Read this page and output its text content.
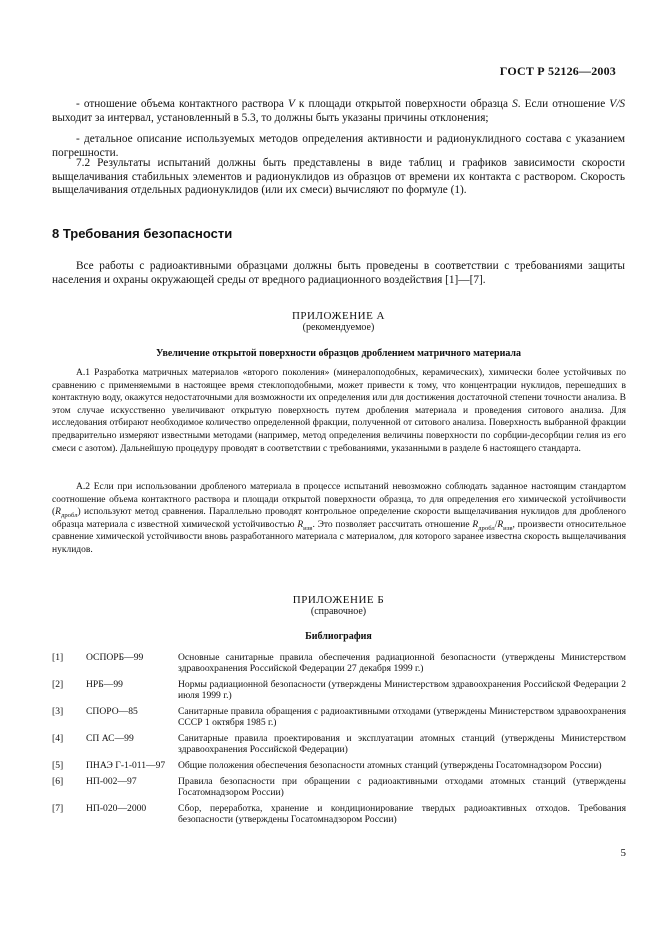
ГОСТ Р 52126—2003

- отношение объема контактного раствора V к площади открытой поверхности образца S. Если отношение V/S выходит за интервал, установленный в 5.3, то должны быть указаны причины отклонения;

- детальное описание используемых методов определения активности и радионуклидного состава с указанием погрешности.

7.2 Результаты испытаний должны быть представлены в виде таблиц и графиков зависимости скорости выщелачивания стабильных элементов и радионуклидов из образцов от времени их контакта с раствором. Скорость выщелачивания отдельных радионуклидов (или их смеси) вычисляют по формуле (1).

8 Требования безопасности

Все работы с радиоактивными образцами должны быть проведены в соответствии с требованиями защиты населения и охраны окружающей среды от вредного радиационного воздействия [1]—[7].

ПРИЛОЖЕНИЕ А
(рекомендуемое)
Увеличение открытой поверхности образцов дроблением матричного материала

А.1 Разработка матричных материалов «второго поколения» (минералоподобных, керамических), химически более устойчивых по сравнению с применяемыми в настоящее время стеклоподобными, может привести к тому, что концентрации нуклидов, перешедших в контактную воду, окажутся недостаточными для возможности их определения или для достижения достаточной степени точности анализа. В этом случае искусственно увеличивают открытую поверхность путем дробления материала и проведения ситового анализа. Для исследования отбирают необходимое количество определенной фракции, полученной от ситового анализа. Поверхность выбранной фракции предварительно измеряют известными методами (например, метод определения величины поверхности по сорбции-десорбции гелия из его смеси с азотом). Дальнейшую процедуру проводят в соответствии с требованиями, указанными в разделе 6 настоящего стандарта.

А.2 Если при использовании дробленого материала в процессе испытаний невозможно соблюдать заданное настоящим стандартом соотношение объема контактного раствора и площади открытой поверхности образца, то для определения его химической устойчивости $(R_{дробл})$ используют метод сравнения. Параллельно проводят контрольное определение скорости выщелачивания нуклидов для дробленого образца материала с известной химической устойчивостью $R_{изв}$. Это позволяет рассчитать отношение $R_{дробл}/R_{изв}$, произвести относительное сравнение химической устойчивости вновь разработанного материала с материалом, для которого заранее известна скорость выщелачивания нуклидов.

ПРИЛОЖЕНИЕ Б
(справочное)
Библиография
[1]	ОСПОРБ—99	Основные санитарные правила обеспечения радиационной безопасности (утверждены Министерством здравоохранения Российской Федерации 27 декабря 1999 г.)
[2]	НРБ—99	Нормы радиационной безопасности (утверждены Министерством здравоохранения Российской Федерации 2 июля 1999 г.)
[3]	СПОРО—85	Санитарные правила обращения с радиоактивными отходами (утверждены Министерством здравоохранения СССР 1 октября 1985 г.)
[4]	СП АС—99	Санитарные правила проектирования и эксплуатации атомных станций (утверждены Министерством здравоохранения Российской Федерации)
[5]	ПНАЭ Г-1-011—97	Общие положения обеспечения безопасности атомных станций (утверждены Госатомнадзором России)
[6]	НП-002—97	Правила безопасности при обращении с радиоактивными отходами атомных станций (утверждены Госатомнадзором России)
[7]	НП-020—2000	Сбор, переработка, хранение и кондиционирование твердых радиоактивных отходов. Требования безопасности (утверждены Госатомнадзором России)
5
